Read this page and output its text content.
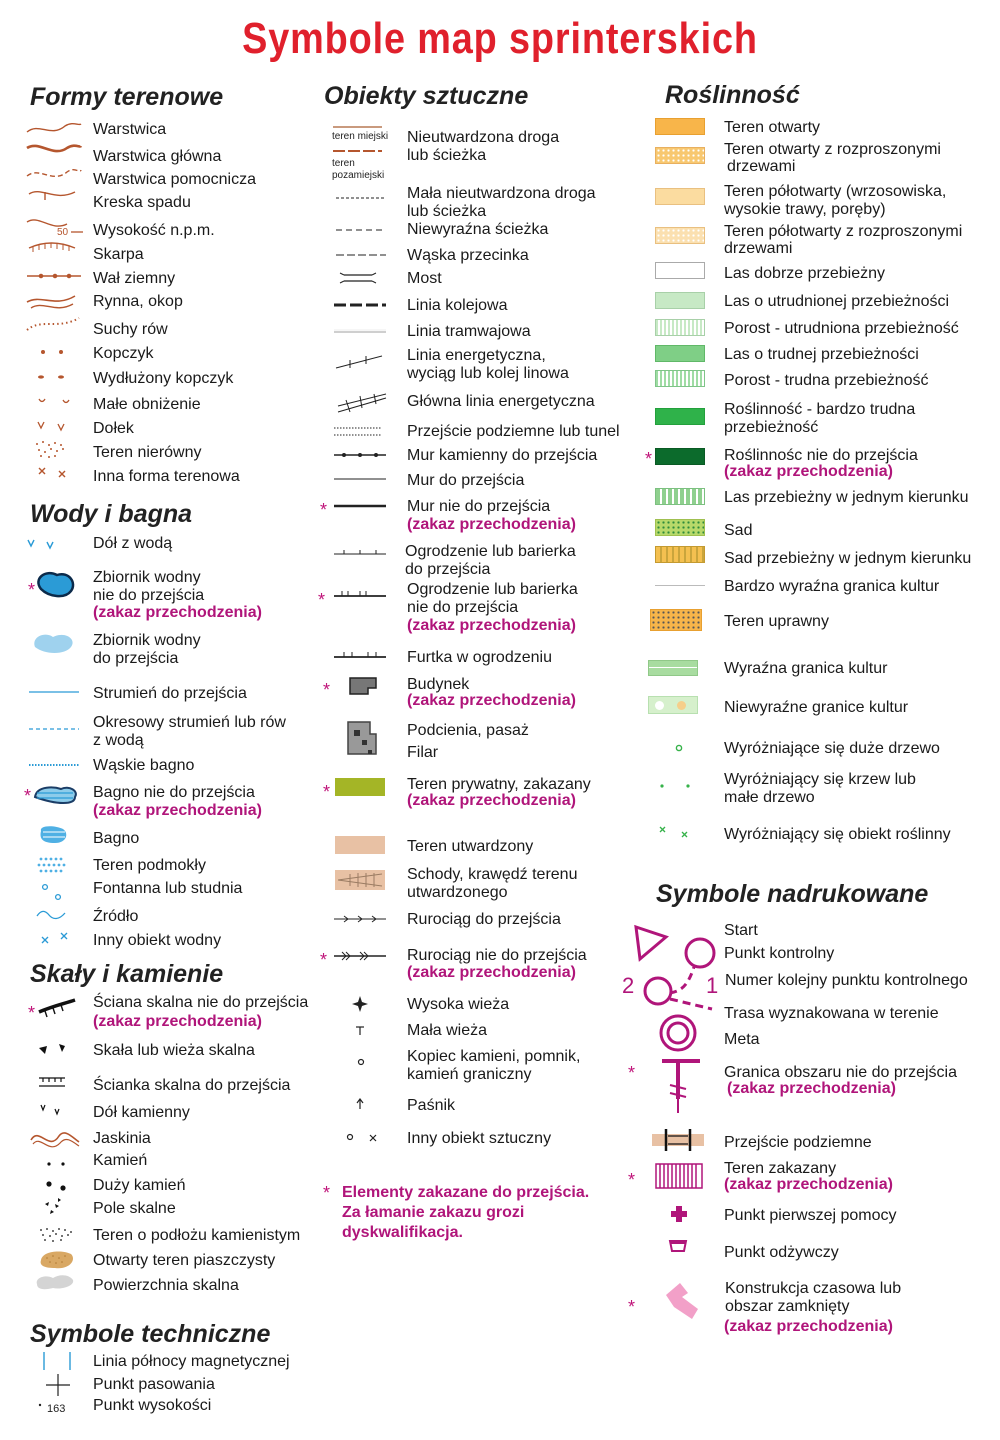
Symbole map sprinterskich
Formy terenowe
50
Warstwica
Warstwica główna
Warstwica pomocnicza
Kreska spadu
Wysokość n.p.m.
Skarpa
Wał ziemny
Rynna, okop
Suchy rów
Kopczyk
Wydłużony kopczyk
Małe obniżenie
Dołek
Teren nierówny
Inna forma terenowa
Wody i bagna
*
*
Dół z wodą
Zbiornik wodny
nie do przejścia
(zakaz przechodzenia)
Zbiornik wodny
do przejścia
Strumień do przejścia
Okresowy strumień lub rów
z wodą
Wąskie bagno
Bagno nie do przejścia
(zakaz przechodzenia)
Bagno
Teren podmokły
Fontanna lub studnia
Źródło
Inny obiekt wodny
Skały i kamienie
*
Ściana skalna nie do przejścia
(zakaz przechodzenia)
Skała lub wieża skalna
Ścianka skalna do przejścia
Dół kamienny
Jaskinia
Kamień
Duży kamień
Pole skalne
Teren o podłożu kamienistym
Otwarty teren piaszczysty
Powierzchnia skalna
Symbole techniczne
163
Linia północy magnetycznej
Punkt pasowania
Punkt wysokości
Obiekty sztuczne
teren miejski
teren
pozamiejski
*
*
*
*
*
Nieutwardzona droga
lub ścieżka
Mała nieutwardzona droga
lub ścieżka
Niewyraźna ścieżka
Wąska przecinka
Most
Linia kolejowa
Linia tramwajowa
Linia energetyczna,
wyciąg lub kolej linowa
Główna linia energetyczna
Przejście podziemne lub tunel
Mur kamienny do przejścia
Mur do przejścia
Mur nie do przejścia
(zakaz przechodzenia)
Ogrodzenie lub barierka
do przejścia
Ogrodzenie lub barierka
nie do przejścia
(zakaz przechodzenia)
Furtka w ogrodzeniu
Budynek
(zakaz przechodzenia)
Podcienia, pasaż
Filar
Teren prywatny, zakazany
(zakaz przechodzenia)
Teren utwardzony
Schody, krawędź terenu
utwardzonego
Rurociąg do przejścia
Rurociąg nie do przejścia
(zakaz przechodzenia)
Wysoka wieża
Mała wieża
Kopiec kamieni, pomnik,
kamień graniczny
Paśnik
Inny obiekt sztuczny
* Elementy zakazane do przejścia.
Za łamanie zakazu grozi
dyskwalifikacja.
Roślinność
*
Teren otwarty
Teren otwarty z rozproszonymi
drzewami
Teren półotwarty (wrzosowiska,
wysokie trawy, poręby)
Teren półotwarty z rozproszonymi
drzewami
Las dobrze przebieżny
Las o utrudnionej przebieżności
Porost - utrudniona przebieżność
Las o trudnej przebieżności
Porost - trudna przebieżność
Roślinność - bardzo trudna
przebieżność
Roślinnośc nie do przejścia
(zakaz przechodzenia)
Las przebieżny w jednym kierunku
Sad
Sad przebieżny w jednym kierunku
Bardzo wyraźna granica kultur
Teren uprawny
Wyraźna granica kultur
Niewyraźne granice kultur
Wyróżniające się duże drzewo
Wyróżniający się krzew lub
małe drzewo
Wyróżniający się obiekt roślinny
Symbole nadrukowane
2	1
*
*
*
Start
Punkt kontrolny
Numer kolejny punktu kontrolnego
Trasa wyznakowana w terenie
Meta
Granica obszaru nie do przejścia
(zakaz przechodzenia)
Przejście podziemne
Teren zakazany
(zakaz przechodzenia)
Punkt pierwszej pomocy
Punkt odżywczy
Konstrukcja czasowa lub
obszar zamknięty
(zakaz przechodzenia)
